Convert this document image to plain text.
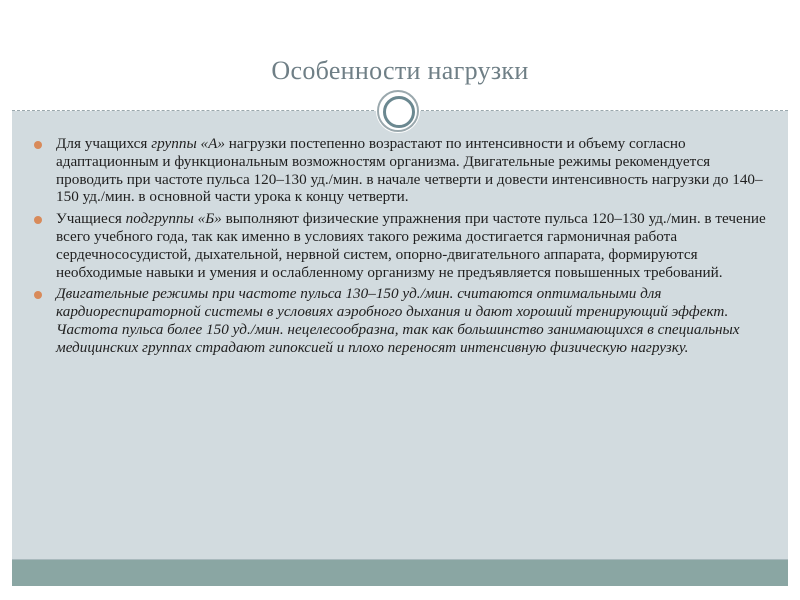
Особенности нагрузки

Для учащихся группы «А» нагрузки постепенно возрастают по интенсивности и объему согласно адаптационным и функциональным возможностям организма. Двигательные режимы рекомендуется проводить при частоте пульса 120–130 уд./мин. в начале четверти и довести интенсивность нагрузки до 140–150 уд./мин. в основной части урока к концу четверти.

Учащиеся подгруппы «Б» выполняют физические упражнения при частоте пульса 120–130 уд./мин. в течение всего учебного года, так как именно в условиях такого режима достигается гармоничная работа сердечнососудистой, дыхательной, нервной систем, опорно-двигательного аппарата, формируются необходимые навыки и умения и ослабленному организму не предъявляется повышенных требований.

Двигательные режимы при частоте пульса 130–150 уд./мин. считаются оптимальными для кардиореспираторной системы в условиях аэробного дыхания и дают хороший тренирующий эффект. Частота пульса более 150 уд./мин. нецелесообразна, так как большинство занимающихся в специальных медицинских группах страдают гипоксией и плохо переносят интенсивную физическую нагрузку.
